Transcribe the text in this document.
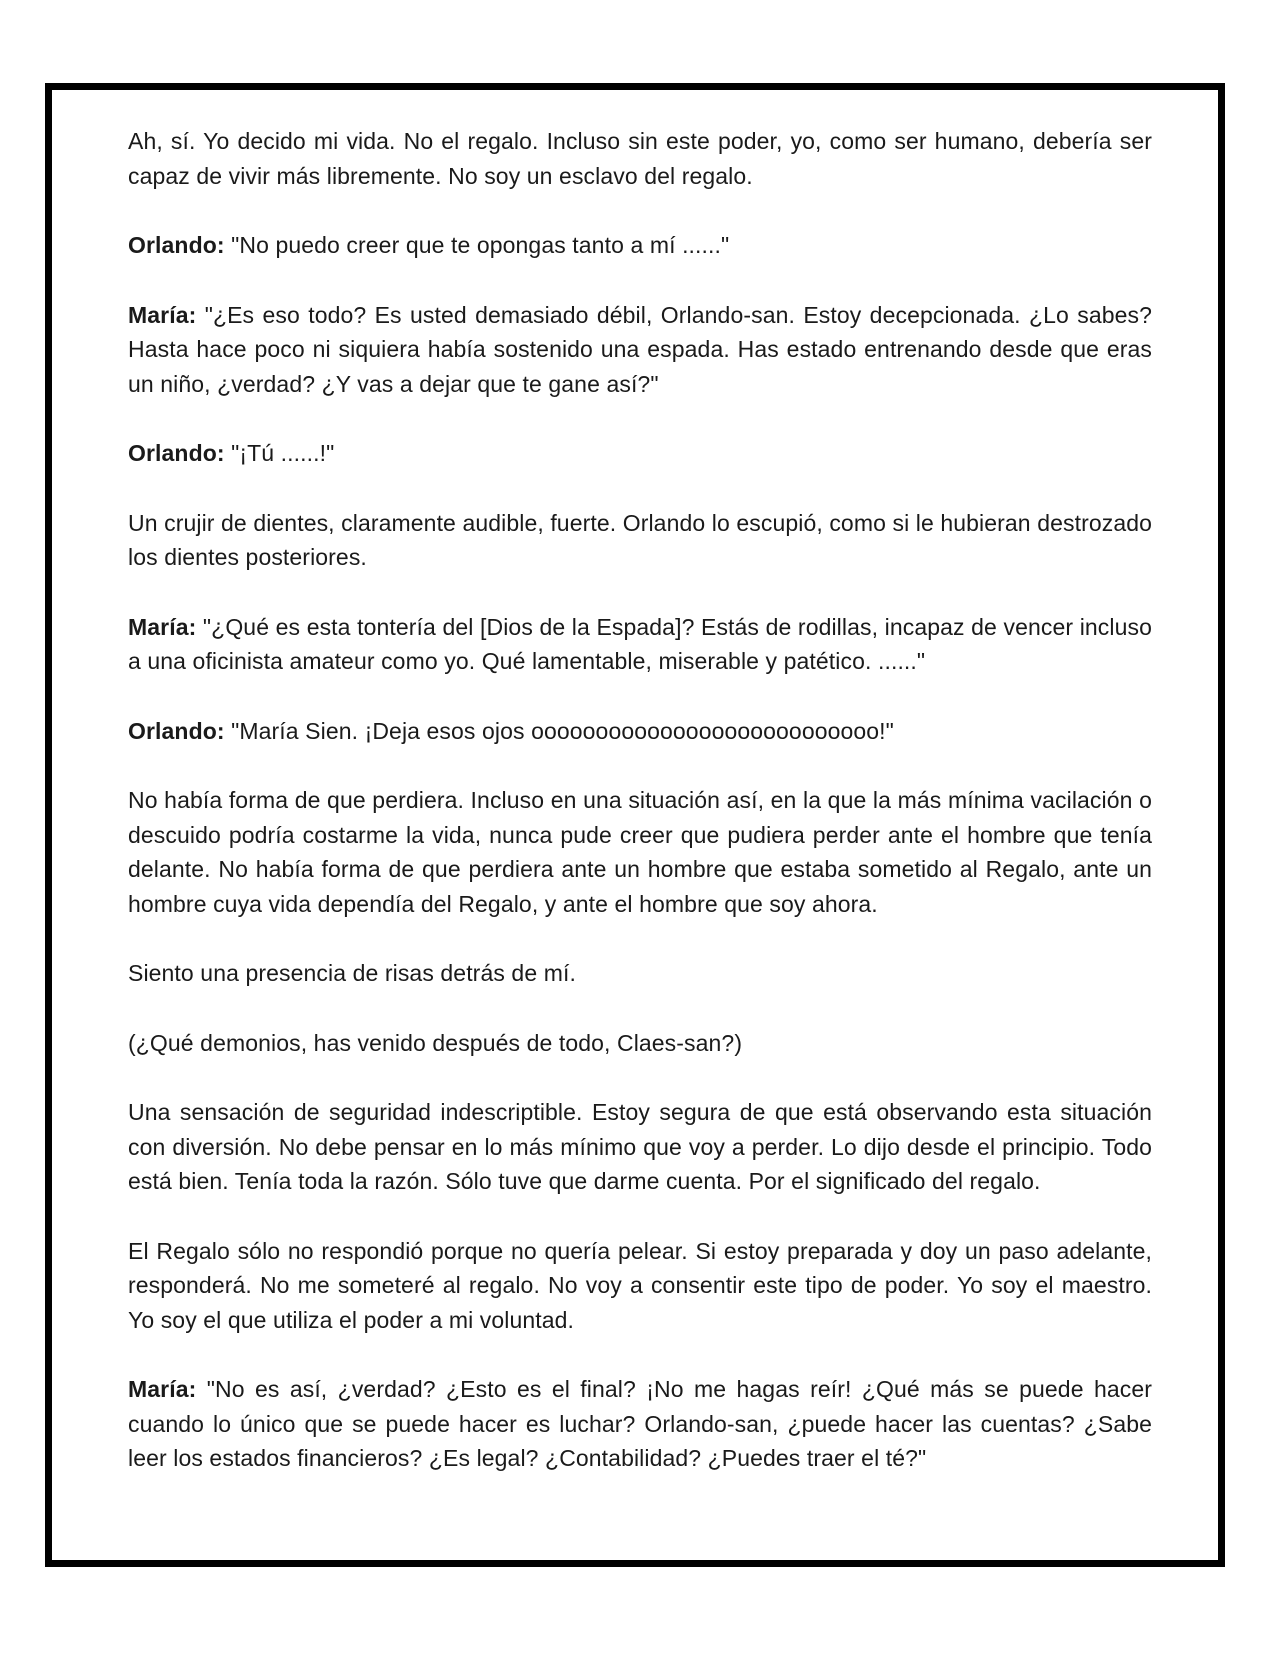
Ah, sí. Yo decido mi vida. No el regalo. Incluso sin este poder, yo, como ser humano, debería ser capaz de vivir más libremente. No soy un esclavo del regalo.

Orlando: "No puedo creer que te opongas tanto a mí ......"

María: "¿Es eso todo? Es usted demasiado débil, Orlando-san. Estoy decepcionada. ¿Lo sabes? Hasta hace poco ni siquiera había sostenido una espada. Has estado entrenando desde que eras un niño, ¿verdad? ¿Y vas a dejar que te gane así?"

Orlando: "¡Tú ......!"

Un crujir de dientes, claramente audible, fuerte. Orlando lo escupió, como si le hubieran destrozado los dientes posteriores.

María: "¿Qué es esta tontería del [Dios de la Espada]? Estás de rodillas, incapaz de vencer incluso a una oficinista amateur como yo. Qué lamentable, miserable y patético. ......"

Orlando: "María Sien. ¡Deja esos ojos ooooooooooooooooooooooooooo!"

No había forma de que perdiera. Incluso en una situación así, en la que la más mínima vacilación o descuido podría costarme la vida, nunca pude creer que pudiera perder ante el hombre que tenía delante. No había forma de que perdiera ante un hombre que estaba sometido al Regalo, ante un hombre cuya vida dependía del Regalo, y ante el hombre que soy ahora.

Siento una presencia de risas detrás de mí.

(¿Qué demonios, has venido después de todo, Claes-san?)

Una sensación de seguridad indescriptible. Estoy segura de que está observando esta situación con diversión. No debe pensar en lo más mínimo que voy a perder. Lo dijo desde el principio. Todo está bien. Tenía toda la razón. Sólo tuve que darme cuenta. Por el significado del regalo.

El Regalo sólo no respondió porque no quería pelear. Si estoy preparada y doy un paso adelante, responderá. No me someteré al regalo. No voy a consentir este tipo de poder. Yo soy el maestro. Yo soy el que utiliza el poder a mi voluntad.

María: "No es así, ¿verdad? ¿Esto es el final? ¡No me hagas reír! ¿Qué más se puede hacer cuando lo único que se puede hacer es luchar? Orlando-san, ¿puede hacer las cuentas? ¿Sabe leer los estados financieros? ¿Es legal? ¿Contabilidad? ¿Puedes traer el té?"
